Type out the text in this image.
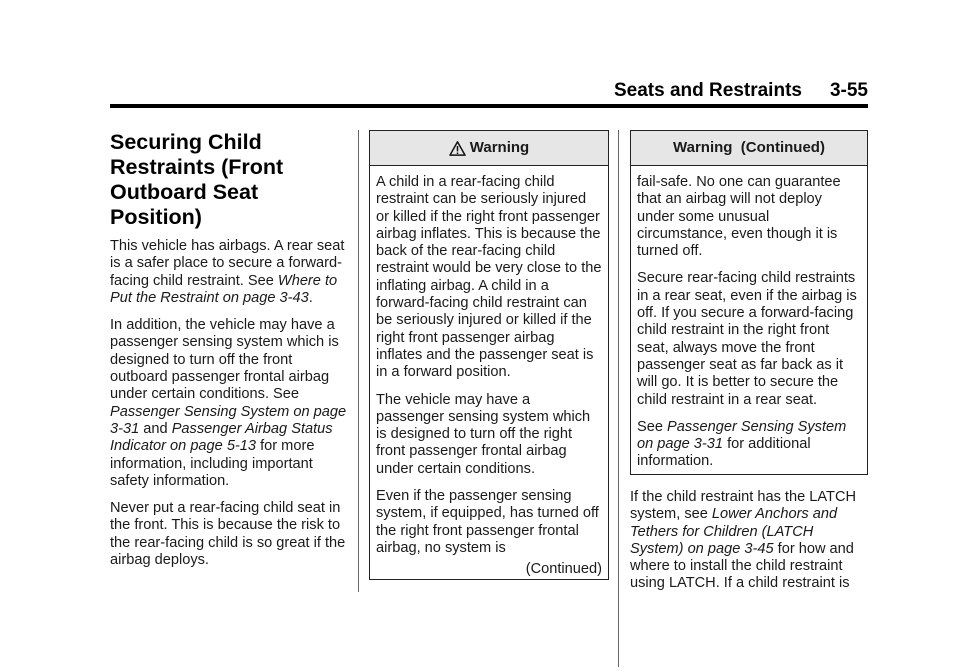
Seats and Restraints 3-55
Securing Child Restraints (Front Outboard Seat Position)

This vehicle has airbags. A rear seat is a safer place to secure a forward-facing child restraint. See Where to Put the Restraint on page 3-43.

In addition, the vehicle may have a passenger sensing system which is designed to turn off the front outboard passenger frontal airbag under certain conditions. See Passenger Sensing System on page 3-31 and Passenger Airbag Status Indicator on page 5-13 for more information, including important safety information.

Never put a rear-facing child seat in the front. This is because the risk to the rear-facing child is so great if the airbag deploys.

Warning

A child in a rear-facing child restraint can be seriously injured or killed if the right front passenger airbag inflates. This is because the back of the rear-facing child restraint would be very close to the inflating airbag. A child in a forward-facing child restraint can be seriously injured or killed if the right front passenger airbag inflates and the passenger seat is in a forward position.

The vehicle may have a passenger sensing system which is designed to turn off the right front passenger frontal airbag under certain conditions.

Even if the passenger sensing system, if equipped, has turned off the right front passenger frontal airbag, no system is

(Continued)
Warning  (Continued)

fail-safe. No one can guarantee that an airbag will not deploy under some unusual circumstance, even though it is turned off.

Secure rear-facing child restraints in a rear seat, even if the airbag is off. If you secure a forward-facing child restraint in the right front seat, always move the front passenger seat as far back as it will go. It is better to secure the child restraint in a rear seat.

See Passenger Sensing System on page 3-31 for additional information.

If the child restraint has the LATCH system, see Lower Anchors and Tethers for Children (LATCH System) on page 3-45 for how and where to install the child restraint using LATCH. If a child restraint is
